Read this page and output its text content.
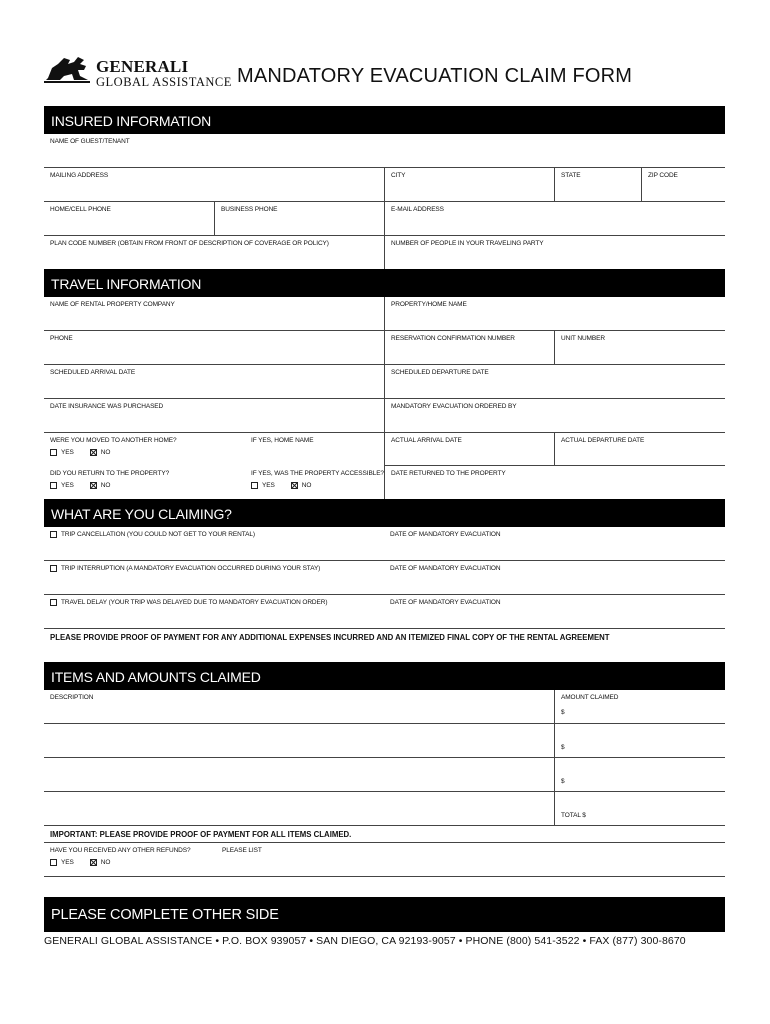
GENERALI
GLOBAL ASSISTANCE MANDATORY EVACUATION CLAIM FORM
INSURED INFORMATION
NAME OF GUEST/TENANT
MAILING ADDRESS	CITY	STATE	ZIP CODE
HOME/CELL PHONE	BUSINESS PHONE	E-MAIL ADDRESS
PLAN CODE NUMBER (OBTAIN FROM FRONT OF DESCRIPTION OF COVERAGE OR POLICY)	NUMBER OF PEOPLE IN YOUR TRAVELING PARTY
TRAVEL INFORMATION
NAME OF RENTAL PROPERTY COMPANY	PROPERTY/HOME NAME
PHONE	RESERVATION CONFIRMATION NUMBER	UNIT NUMBER
SCHEDULED ARRIVAL DATE	SCHEDULED DEPARTURE DATE
DATE INSURANCE WAS PURCHASED	MANDATORY EVACUATION ORDERED BY
WERE YOU MOVED TO ANOTHER HOME?
YES	NO
IF YES, HOME NAME	ACTUAL ARRIVAL DATE	ACTUAL DEPARTURE DATE
DID YOU RETURN TO THE PROPERTY?
YES	NO
IF YES, WAS THE PROPERTY ACCESSIBLE?
YES	NO
DATE RETURNED TO THE PROPERTY
WHAT ARE YOU CLAIMING?
TRIP CANCELLATION (YOU COULD NOT GET TO YOUR RENTAL)	DATE OF MANDATORY EVACUATION
TRIP INTERRUPTION (A MANDATORY EVACUATION OCCURRED DURING YOUR STAY)	DATE OF MANDATORY EVACUATION
TRAVEL DELAY (YOUR TRIP WAS DELAYED DUE TO MANDATORY EVACUATION ORDER)	DATE OF MANDATORY EVACUATION
PLEASE PROVIDE PROOF OF PAYMENT FOR ANY ADDITIONAL EXPENSES INCURRED AND AN ITEMIZED FINAL COPY OF THE RENTAL AGREEMENT
ITEMS AND AMOUNTS CLAIMED
DESCRIPTION	AMOUNT CLAIMED
$
$
$
TOTAL $
IMPORTANT: PLEASE PROVIDE PROOF OF PAYMENT FOR ALL ITEMS CLAIMED.
HAVE YOU RECEIVED ANY OTHER REFUNDS?
YES	NO
PLEASE LIST
PLEASE COMPLETE OTHER SIDE
GENERALI GLOBAL ASSISTANCE • P.O. BOX 939057 • SAN DIEGO, CA 92193-9057 • PHONE (800) 541-3522 • FAX (877) 300-8670
